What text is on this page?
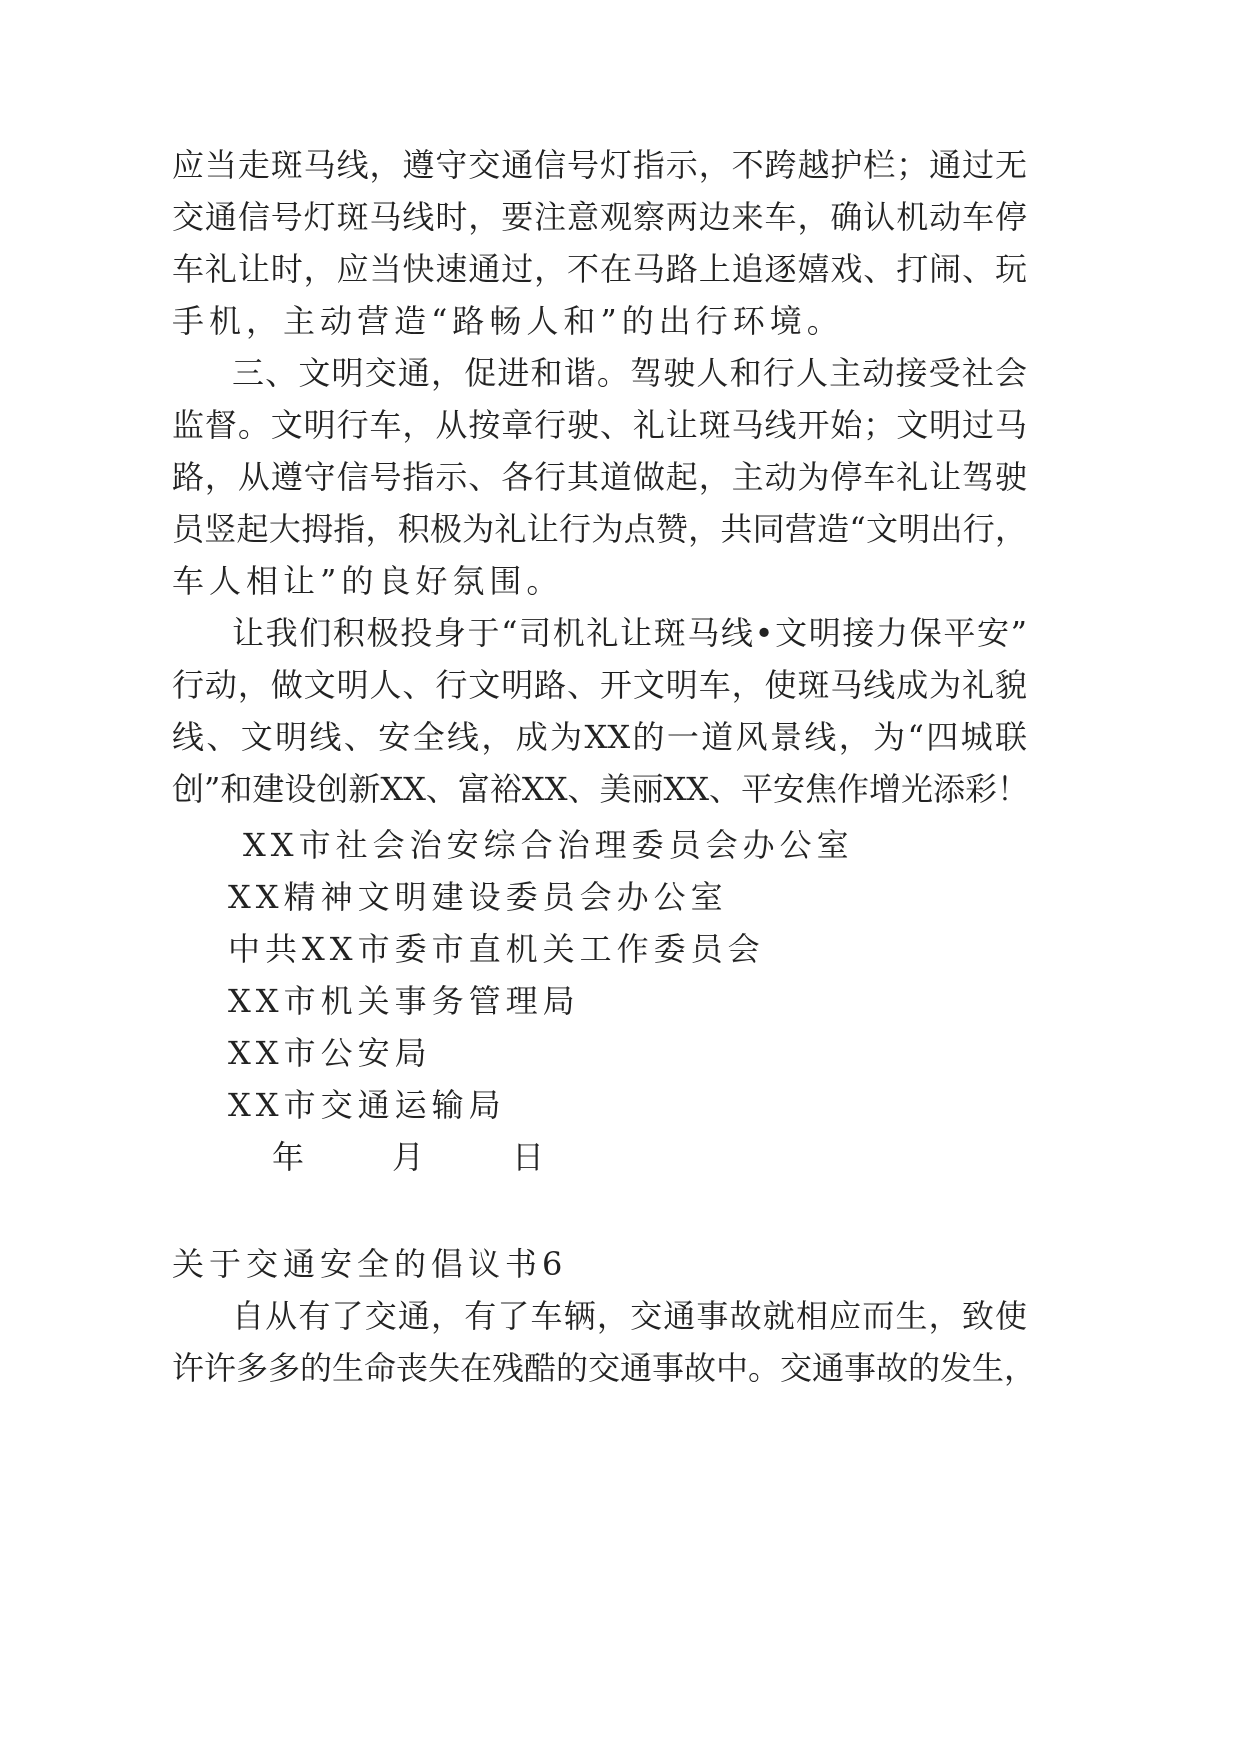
应当走斑马线，遵守交通信号灯指示，不跨越护栏；通过无
交通信号灯斑马线时，要注意观察两边来车，确认机动车停
车礼让时，应当快速通过，不在马路上追逐嬉戏、打闹、玩
手机，主动营造“路畅人和”的出行环境。
三、文明交通，促进和谐。驾驶人和行人主动接受社会
监督。文明行车，从按章行驶、礼让斑马线开始；文明过马
路，从遵守信号指示、各行其道做起，主动为停车礼让驾驶
员竖起大拇指，积极为礼让行为点赞，共同营造“文明出行，
车人相让”的良好氛围。
让我们积极投身于“司机礼让斑马线•文明接力保平安”
行动，做文明人、行文明路、开文明车，使斑马线成为礼貌
线、文明线、安全线，成为XX的一道风景线，为“四城联
创”和建设创新XX、富裕XX、美丽XX、平安焦作增光添彩！
XX市社会治安综合治理委员会办公室
XX精神文明建设委员会办公室
中共XX市委市直机关工作委员会
XX市机关事务管理局
XX市公安局
XX市交通运输局
年　　月　　日
关于交通安全的倡议书6
自从有了交通，有了车辆，交通事故就相应而生，致使
许许多多的生命丧失在残酷的交通事故中。交通事故的发生，
